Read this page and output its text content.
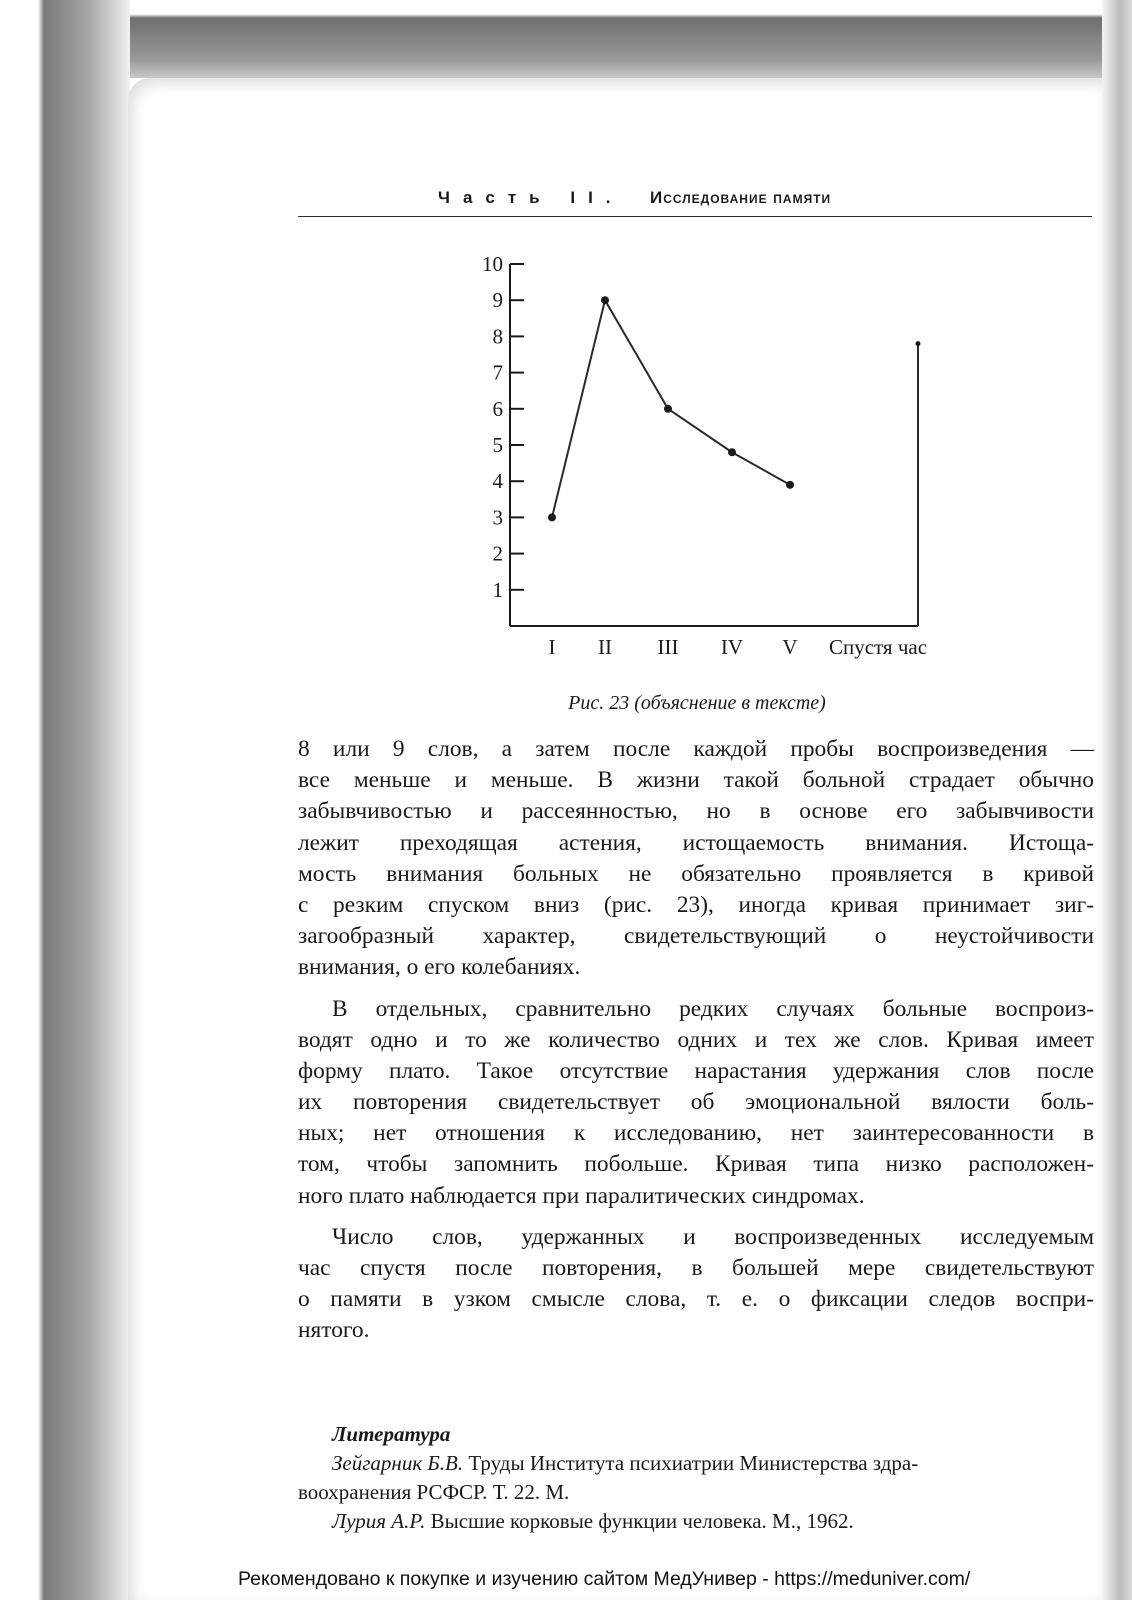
Часть II. Исследование памяти
1
2
3
4
5
6
7
8
9
10
I II III IV V Спустя час
Рис. 23 (объяснение в тексте)
8 или 9 слов, а затем после каждой пробы воспроизведения —
все меньше и меньше. В жизни такой больной страдает обычно
забывчивостью и рассеянностью, но в основе его забывчивости
лежит преходящая астения, истощаемость внимания. Истоща-
мость внимания больных не обязательно проявляется в кривой
с резким спуском вниз (рис. 23), иногда кривая принимает зиг-
загообразный характер, свидетельствующий о неустойчивости
внимания, о его колебаниях.
В отдельных, сравнительно редких случаях больные воспроиз-
водят одно и то же количество одних и тех же слов. Кривая имеет
форму плато. Такое отсутствие нарастания удержания слов после
их повторения свидетельствует об эмоциональной вялости боль-
ных; нет отношения к исследованию, нет заинтересованности в
том, чтобы запомнить побольше. Кривая типа низко расположен-
ного плато наблюдается при паралитических синдромах.
Число слов, удержанных и воспроизведенных исследуемым
час спустя после повторения, в большей мере свидетельствуют
о памяти в узком смысле слова, т. е. о фиксации следов воспри-
нятого.
Литература
Зейгарник Б.В. Труды Института психиатрии Министерства здра-
воохранения РСФСР. Т. 22. М.
Лурия А.Р. Высшие корковые функции человека. М., 1962.
Рекомендовано к покупке и изучению сайтом МедУнивер - https://meduniver.com/
